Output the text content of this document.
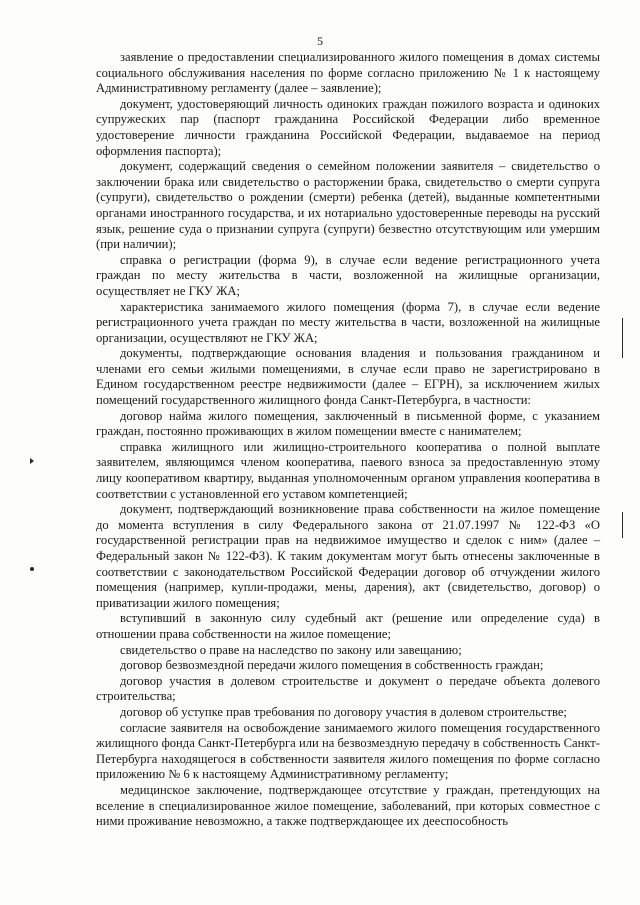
5

заявление о предоставлении специализированного жилого помещения в домах системы социального обслуживания населения по форме согласно приложению № 1 к настоящему Административному регламенту (далее – заявление);

документ, удостоверяющий личность одиноких граждан пожилого возраста и одиноких супружеских пар (паспорт гражданина Российской Федерации либо временное удостоверение личности гражданина Российской Федерации, выдаваемое на период оформления паспорта);

документ, содержащий сведения о семейном положении заявителя – свидетельство о заключении брака или свидетельство о расторжении брака, свидетельство о смерти супруга (супруги), свидетельство о рождении (смерти) ребенка (детей), выданные компетентными органами иностранного государства, и их нотариально удостоверенные переводы на русский язык, решение суда о признании супруга (супруги) безвестно отсутствующим или умершим (при наличии);

справка о регистрации (форма 9), в случае если ведение регистрационного учета граждан по месту жительства в части, возложенной на жилищные организации, осуществляет не ГКУ ЖА;

характеристика занимаемого жилого помещения (форма 7), в случае если ведение регистрационного учета граждан по месту жительства в части, возложенной на жилищные организации, осуществляют не ГКУ ЖА;

документы, подтверждающие основания владения и пользования гражданином и членами его семьи жилыми помещениями, в случае если право не зарегистрировано в Едином государственном реестре недвижимости (далее – ЕГРН), за исключением жилых помещений государственного жилищного фонда Санкт-Петербурга, в частности:

договор найма жилого помещения, заключенный в письменной форме, с указанием граждан, постоянно проживающих в жилом помещении вместе с нанимателем;

справка жилищного или жилищно-строительного кооператива о полной выплате заявителем, являющимся членом кооператива, паевого взноса за предоставленную этому лицу кооперативом квартиру, выданная уполномоченным органом управления кооператива в соответствии с установленной его уставом компетенцией;

документ, подтверждающий возникновение права собственности на жилое помещение до момента вступления в силу Федерального закона от 21.07.1997 № 122-ФЗ «О государственной регистрации прав на недвижимое имущество и сделок с ним» (далее – Федеральный закон № 122-ФЗ). К таким документам могут быть отнесены заключенные в соответствии с законодательством Российской Федерации договор об отчуждении жилого помещения (например, купли-продажи, мены, дарения), акт (свидетельство, договор) о приватизации жилого помещения;

вступивший в законную силу судебный акт (решение или определение суда) в отношении права собственности на жилое помещение;

свидетельство о праве на наследство по закону или завещанию;

договор безвозмездной передачи жилого помещения в собственность граждан;

договор участия в долевом строительстве и документ о передаче объекта долевого строительства;

договор об уступке прав требования по договору участия в долевом строительстве;

согласие заявителя на освобождение занимаемого жилого помещения государственного жилищного фонда Санкт-Петербурга или на безвозмездную передачу в собственность Санкт-Петербурга находящегося в собственности заявителя жилого помещения по форме согласно приложению № 6 к настоящему Административному регламенту;

медицинское заключение, подтверждающее отсутствие у граждан, претендующих на вселение в специализированное жилое помещение, заболеваний, при которых совместное с ними проживание невозможно, а также подтверждающее их дееспособность
